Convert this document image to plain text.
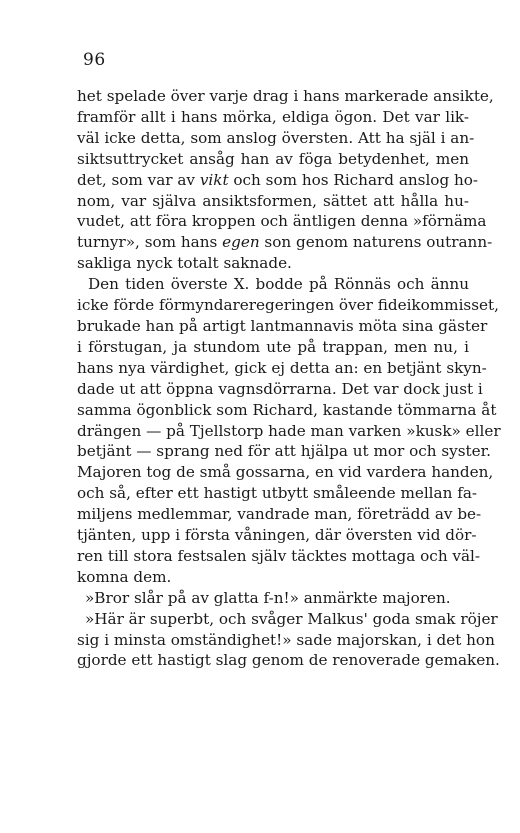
96
het spelade över varje drag i hans markerade ansikte,
framför allt i hans mörka, eldiga ögon. Det var lik-
väl icke detta, som anslog översten. Att ha själ i an-
siktsuttrycket ansåg han av föga betydenhet, men
det, som var av vikt och som hos Richard anslog ho-
nom, var själva ansiktsformen, sättet att hålla hu-
vudet, att föra kroppen och äntligen denna »förnäma
turnyr», som hans egen son genom naturens outrann-
sakliga nyck totalt saknade.
Den tiden överste X. bodde på Rönnäs och ännu
icke förde förmyndareregeringen över fideikommisset,
brukade han på artigt lantmannavis möta sina gäster
i förstugan, ja stundom ute på trappan, men nu, i
hans nya värdighet, gick ej detta an: en betjänt skyn-
dade ut att öppna vagnsdörrarna. Det var dock just i
samma ögonblick som Richard, kastande tömmarna åt
drängen — på Tjellstorp hade man varken »kusk» eller
betjänt — sprang ned för att hjälpa ut mor och syster.
Majoren tog de små gossarna, en vid vardera handen,
och så, efter ett hastigt utbytt småleende mellan fa-
miljens medlemmar, vandrade man, företrädd av be-
tjänten, upp i första våningen, där översten vid dör-
ren till stora festsalen själv täcktes mottaga och väl-
komna dem.
»Bror slår på av glatta f-n!» anmärkte majoren.
»Här är superbt, och svåger Malkus' goda smak röjer
sig i minsta omständighet!» sade majorskan, i det hon
gjorde ett hastigt slag genom de renoverade gemaken.
